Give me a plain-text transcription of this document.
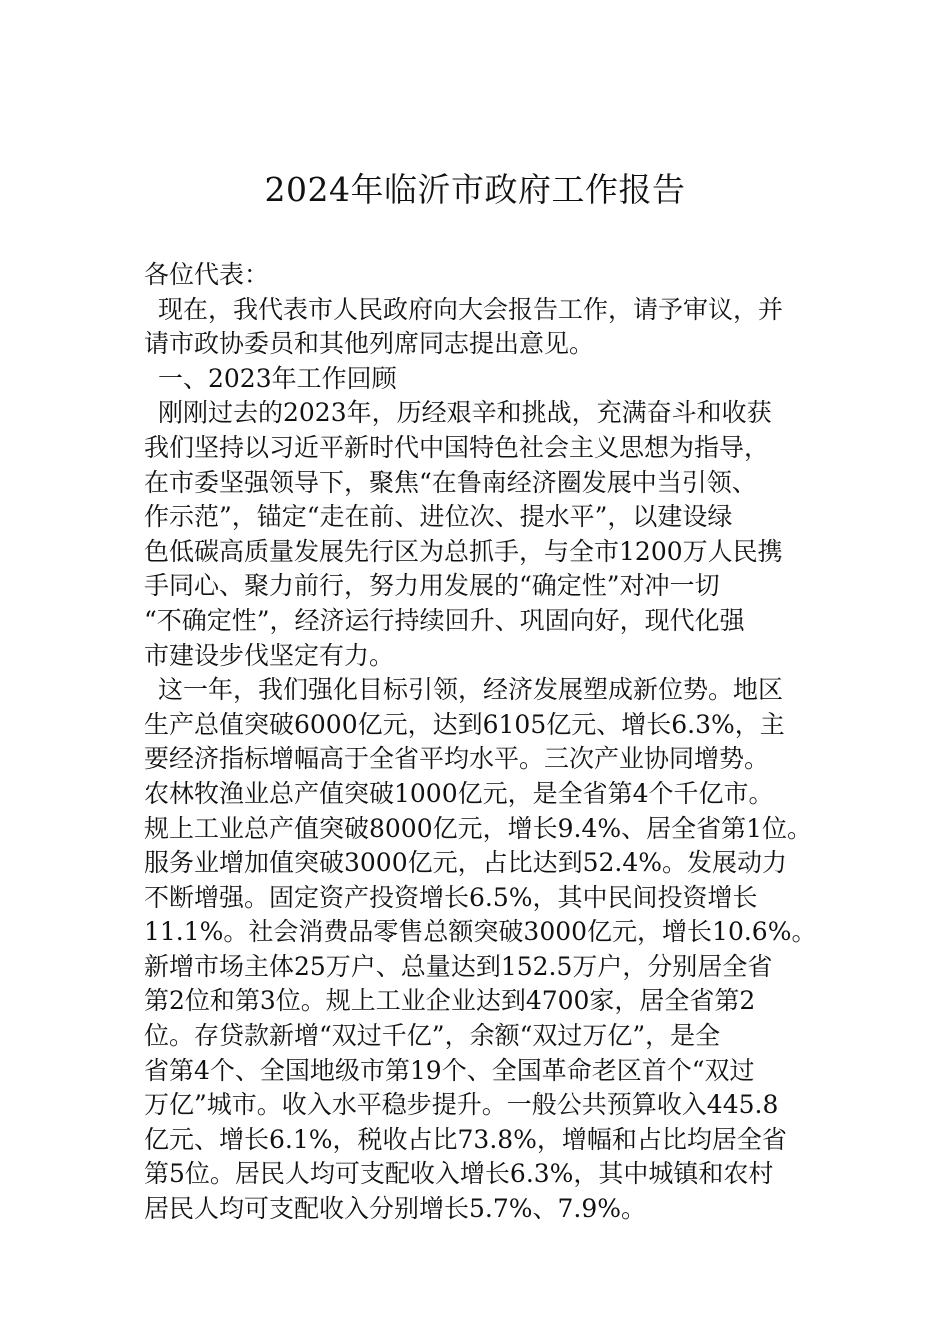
2024年临沂市政府工作报告
各位代表：
现在，我代表市人民政府向大会报告工作，请予审议，并
请市政协委员和其他列席同志提出意见。
一、2023年工作回顾
刚刚过去的2023年，历经艰辛和挑战，充满奋斗和收获
我们坚持以习近平新时代中国特色社会主义思想为指导，
在市委坚强领导下，聚焦“在鲁南经济圈发展中当引领、
作示范”，锚定“走在前、进位次、提水平”，以建设绿
色低碳高质量发展先行区为总抓手，与全市1200万人民携
手同心、聚力前行，努力用发展的“确定性”对冲一切
“不确定性”，经济运行持续回升、巩固向好，现代化强
市建设步伐坚定有力。
这一年，我们强化目标引领，经济发展塑成新位势。地区
生产总值突破6000亿元，达到6105亿元、增长6.3%，主
要经济指标增幅高于全省平均水平。三次产业协同增势。
农林牧渔业总产值突破1000亿元，是全省第4个千亿市。
规上工业总产值突破8000亿元，增长9.4%、居全省第1位。
服务业增加值突破3000亿元，占比达到52.4%。发展动力
不断增强。固定资产投资增长6.5%，其中民间投资增长
11.1%。社会消费品零售总额突破3000亿元，增长10.6%。
新增市场主体25万户、总量达到152.5万户，分别居全省
第2位和第3位。规上工业企业达到4700家，居全省第2
位。存贷款新增“双过千亿”，余额“双过万亿”，是全
省第4个、全国地级市第19个、全国革命老区首个“双过
万亿”城市。收入水平稳步提升。一般公共预算收入445.8
亿元、增长6.1%，税收占比73.8%，增幅和占比均居全省
第5位。居民人均可支配收入增长6.3%，其中城镇和农村
居民人均可支配收入分别增长5.7%、7.9%。
